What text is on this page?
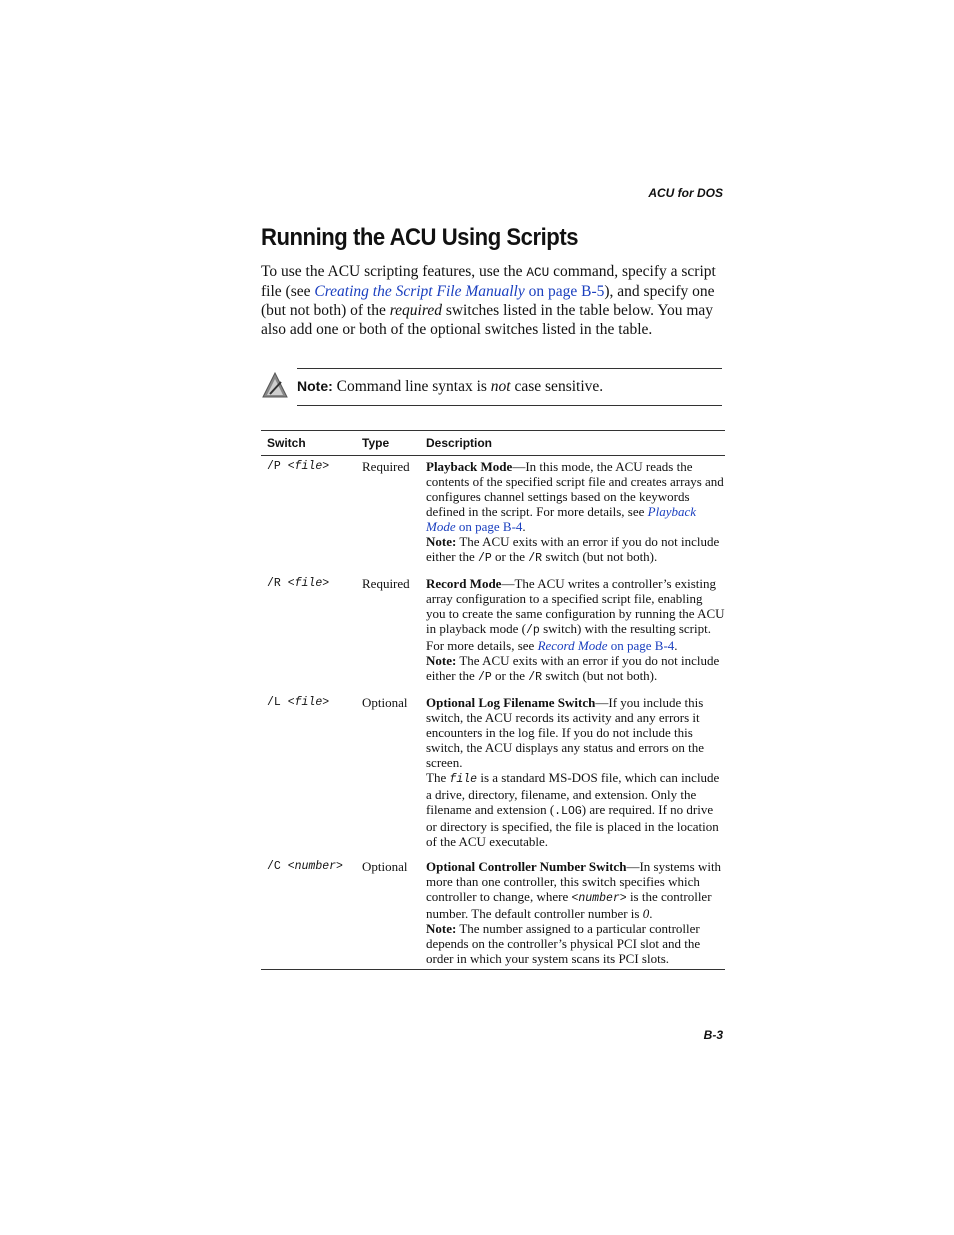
ACU for DOS
Running the ACU Using Scripts

To use the ACU scripting features, use the ACU command, specify a script file (see Creating the Script File Manually on page B-5), and specify one (but not both) of the required switches listed in the table below. You may also add one or both of the optional switches listed in the table.

Note: Command line syntax is not case sensitive.
Switch	Type	Description
/P <file>	Required	Playback Mode—In this mode, the ACU reads the contents of the specified script file and creates arrays and configures channel settings based on the keywords defined in the script. For more details, see Playback Mode on page B-4.
Note: The ACU exits with an error if you do not include either the /P or the /R switch (but not both).
/R <file>	Required	Record Mode—The ACU writes a controller’s existing array configuration to a specified script file, enabling you to create the same configuration by running the ACU in playback mode (/p switch) with the resulting script. For more details, see Record Mode on page B-4.
Note: The ACU exits with an error if you do not include either the /P or the /R switch (but not both).
/L <file>	Optional	Optional Log Filename Switch—If you include this switch, the ACU records its activity and any errors it encounters in the log file. If you do not include this switch, the ACU displays any status and errors on the screen.
The file is a standard MS-DOS file, which can include a drive, directory, filename, and extension. Only the filename and extension (.LOG) are required. If no drive or directory is specified, the file is placed in the location of the ACU executable.
/C <number>	Optional	Optional Controller Number Switch—In systems with more than one controller, this switch specifies which controller to change, where <number> is the controller number. The default controller number is 0.
Note: The number assigned to a particular controller depends on the controller’s physical PCI slot and the order in which your system scans its PCI slots.
B-3
